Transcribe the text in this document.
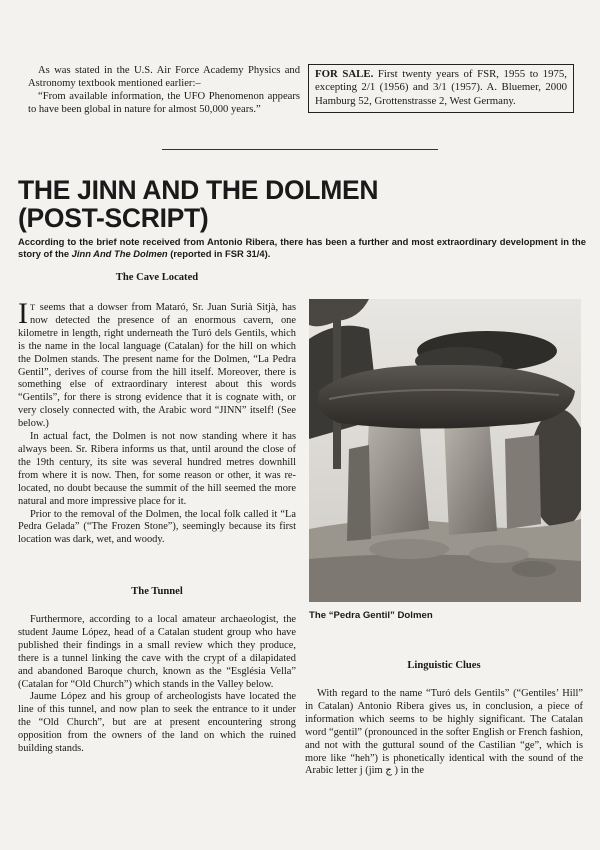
As was stated in the U.S. Air Force Academy Physics and Astronomy textbook mentioned earlier:–

“From available information, the UFO Phenomenon appears to have been global in nature for almost 50,000 years.”

FOR SALE. First twenty years of FSR, 1955 to 1975, excepting 2/1 (1956) and 3/1 (1957). A. Bluemer, 2000 Hamburg 52, Grottenstrasse 2, West Germany.
THE JINN AND THE DOLMEN
(POST-SCRIPT)
According to the brief note received from Antonio Ribera, there has been a further and most extraordinary development in the story of the Jinn And The Dolmen (reported in FSR 31/4).
The Cave Located

I T seems that a dowser from Mataró, Sr. Juan Surià Sitjà, has now detected the presence of an enormous cavern, one kilometre in length, right underneath the Turó dels Gentils, which is the name in the local language (Catalan) for the hill on which the Dolmen stands. The present name for the Dolmen, “La Pedra Gentil”, derives of course from the hill itself. Moreover, there is something else of extraordinary interest about this words “Gentils”, for there is strong evidence that it is cognate with, or very closely connected with, the Arabic word “JINN” itself! (See below.)

In actual fact, the Dolmen is not now standing where it has always been. Sr. Ribera informs us that, until around the close of the 19th century, its site was several hundred metres downhill from where it is now. Then, for some reason or other, it was re-located, no doubt because the summit of the hill seemed the more natural and more impressive place for it.

Prior to the removal of the Dolmen, the local folk called it “La Pedra Gelada” (“The Frozen Stone”), seemingly because its first location was dark, wet, and woody.

The Tunnel

Furthermore, according to a local amateur archaeologist, the student Jaume López, head of a Catalan student group who have published their findings in a small review which they produce, there is a tunnel linking the cave with the crypt of a dilapidated and abandoned Baroque church, known as the “Església Vella” (Catalan for “Old Church”) which stands in the Valley below.

Jaume López and his group of archeologists have located the line of this tunnel, and now plan to seek the entrance to it under the “Old Church”, but are at present encountering strong opposition from the owners of the land on which the ruined building stands.

The “Pedra Gentil” Dolmen
Linguistic Clues

With regard to the name “Turó dels Gentils” (“Gentiles’ Hill” in Catalan) Antonio Ribera gives us, in conclusion, a piece of information which seems to be highly significant. The Catalan word “gentil” (pronounced in the softer English or French fashion, and not with the guttural sound of the Castilian “ge”, which is more like “heh”) is phonetically identical with the sound of the Arabic letter j (jim ج ) in the
